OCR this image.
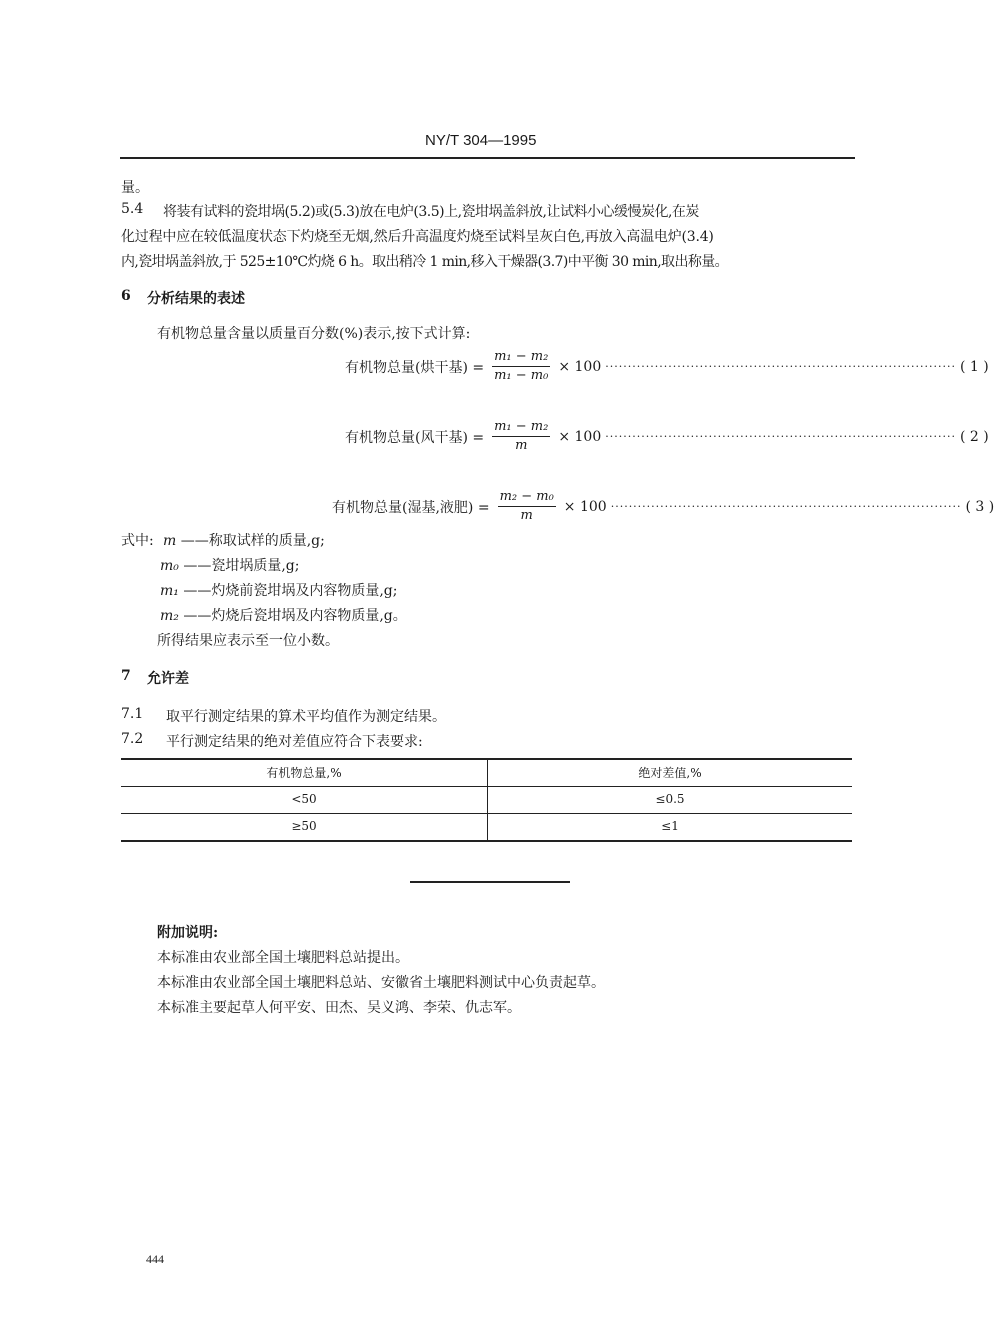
NY/T 304—1995
量。
5.4 将装有试料的瓷坩埚(5.2)或(5.3)放在电炉(3.5)上,瓷坩埚盖斜放,让试料小心缓慢炭化,在炭
化过程中应在较低温度状态下灼烧至无烟,然后升高温度灼烧至试料呈灰白色,再放入高温电炉(3.4)
内,瓷坩埚盖斜放,于 525±10℃灼烧 6 h。取出稍冷 1 min,移入干燥器(3.7)中平衡 30 min,取出称量。
6 分析结果的表述
有机物总量含量以质量百分数(%)表示,按下式计算:
有机物总量(烘干基) = $\frac{\text{m₁ − m₂}}{\text{m₁ − m₀}} \times 100$ ·············································································· ( 1 )
有机物总量(风干基) = $\frac{\text{m₁ − m₂}}{m} \times 100$ ·············································································· ( 2 )
有机物总量(湿基,液肥) = $\frac{\text{m₂ − m₀}}{m} \times 100$ ·············································································· ( 3 )
式中: m ——称取试样的质量,g;
m₀ ——瓷坩埚质量,g;
m₁ ——灼烧前瓷坩埚及内容物质量,g;
m₂ ——灼烧后瓷坩埚及内容物质量,g。
所得结果应表示至一位小数。
7 允许差
7.1 取平行测定结果的算术平均值作为测定结果。
7.2 平行测定结果的绝对差值应符合下表要求:
有机物总量,%	绝对差值,%
<50	≤0.5
≥50	≤1
附加说明:
本标准由农业部全国土壤肥料总站提出。
本标准由农业部全国土壤肥料总站、安徽省土壤肥料测试中心负责起草。
本标准主要起草人何平安、田杰、吴义鸿、李荣、仇志军。
444
